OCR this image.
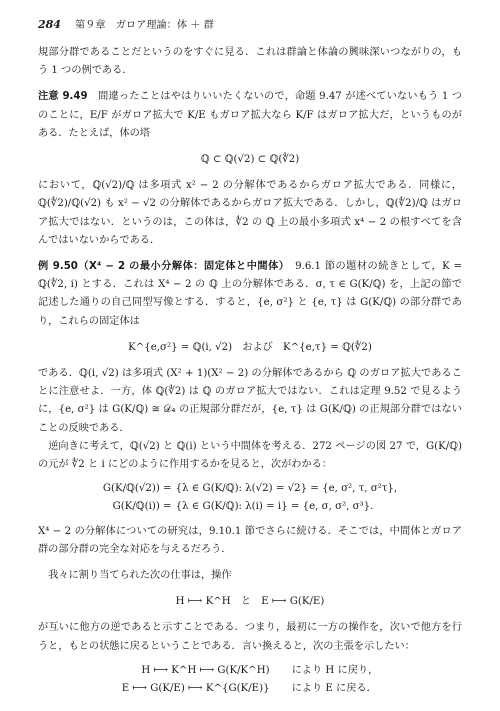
284 第９章　ガロア理論：体 ＋ 群

規部分群であることだというのをすぐに見る．これは群論と体論の興味深いつながりの，もう 1 つの例である．

注意 9.49　 間違ったことはやはりいいたくないので，命題 9.47 が述べていないもう 1 つのことに，E/F がガロア拡大で K/E もガロア拡大なら K/F はガロア拡大だ，というものがある．たとえば，体の塔

ℚ ⊂ ℚ(√2) ⊂ ℚ(∜2)

において，ℚ(√2)/ℚ は多項式 x² − 2 の分解体であるからガロア拡大である．同様に，ℚ(∜2)/ℚ(√2) も x² − √2 の分解体であるからガロア拡大である．しかし，ℚ(∜2)/ℚ はガロア拡大ではない．というのは，この体は，∜2 の ℚ 上の最小多項式 x⁴ − 2 の根すべてを含んではいないからである．

例 9.50（X⁴ − 2 の最小分解体：固定体と中間体）　 9.6.1 節の題材の続きとして，K = ℚ(∜2, i) とする．これは X⁴ − 2 の ℚ 上の分解体である．σ, τ ∈ G(K/ℚ) を，上記の節で記述した通りの自己同型写像とする．すると，{e, σ²} と {e, τ} は G(K/ℚ) の部分群であり，これらの固定体は

K^{e,σ²} = ℚ(i, √2)　および　K^{e,τ} = ℚ(∜2)

である．ℚ(i, √2) は多項式 (X² + 1)(X² − 2) の分解体であるから ℚ のガロア拡大であることに注意せよ．一方，体 ℚ(∜2) は ℚ のガロア拡大ではない．これは定理 9.52 で見るように，{e, σ²} は G(K/ℚ) ≅ 𝒟₄ の正規部分群だが，{e, τ} は G(K/ℚ) の正規部分群ではないことの反映である．

逆向きに考えて，ℚ(√2) と ℚ(i) という中間体を考える．272 ページの図 27 で，G(K/ℚ) の元が ∜2 と i にどのように作用するかを見ると，次がわかる：

G(K/ℚ(√2)) = {λ ∈ G(K/ℚ): λ(√2) = √2} = {e, σ², τ, σ²τ},
G(K/ℚ(i)) = {λ ∈ G(K/ℚ): λ(i) = i} = {e, σ, σ², σ³}.

X⁴ − 2 の分解体についての研究は，9.10.1 節でさらに続ける．そこでは，中間体とガロア群の部分群の完全な対応を与えるだろう．

我々に割り当てられた次の仕事は，操作

H ⟼ K^H　と　E ⟼ G(K/E)

が互いに他方の逆であると示すことである．つまり，最初に一方の操作を，次いで他方を行うと，もとの状態に戻るということである．言い換えると，次の主張を示したい：

H ⟼ K^H ⟼ G(K/K^H) により H に戻り，
E ⟼ G(K/E) ⟼ K^{G(K/E)} により E に戻る．
